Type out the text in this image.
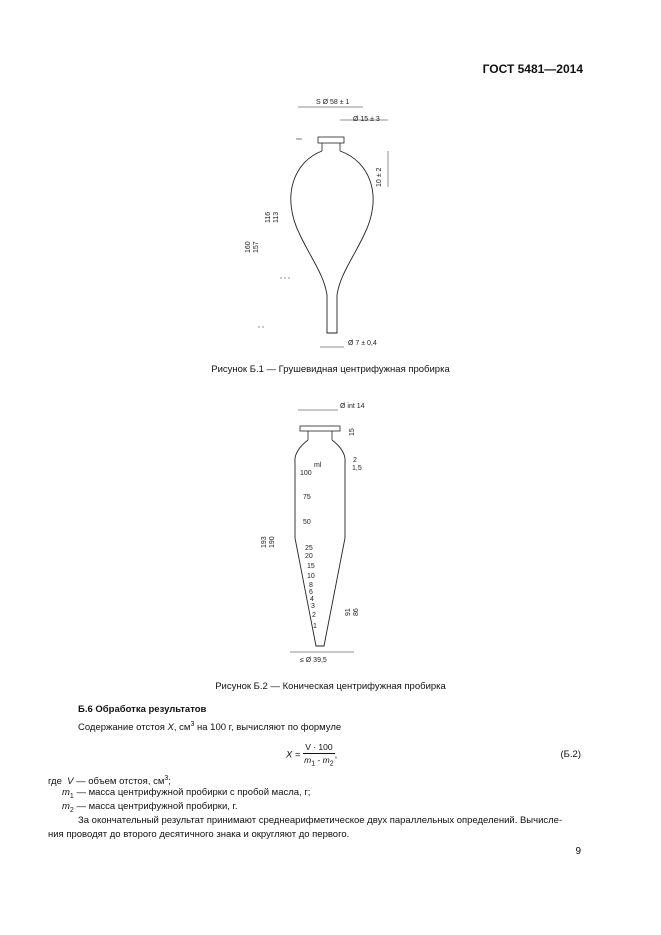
ГОСТ 5481—2014
S Ø 58 ± 1
Ø 15 ± 3
10 ± 2
116 113
160 157
Ø 7 ± 0,4
Рисунок Б.1 — Грушевидная центрифужная пробирка
Ø int 14
15
ml
2
1,5
100
75
50
25
20
15
10
8
6
4
3
2
1
193 190
91 86
≤ Ø 39,5
Рисунок Б.2 — Коническая центрифужная пробирка
Б.6 Обработка результатов
Содержание отстоя X, $см^3$ на 100 г, вычисляют по формуле
$X = \frac{V \cdot 100}{m_1 - m_2}$ ,	(Б.2)
где V — объем отстоя, $см^3$;
$m_1$ — масса центрифужной пробирки с пробой масла, г;
$m_2$ — масса центрифужной пробирки, г.
За окончательный результат принимают среднеарифметическое двух параллельных определений. Вычисле-
ния проводят до второго десятичного знака и округляют до первого.
9
